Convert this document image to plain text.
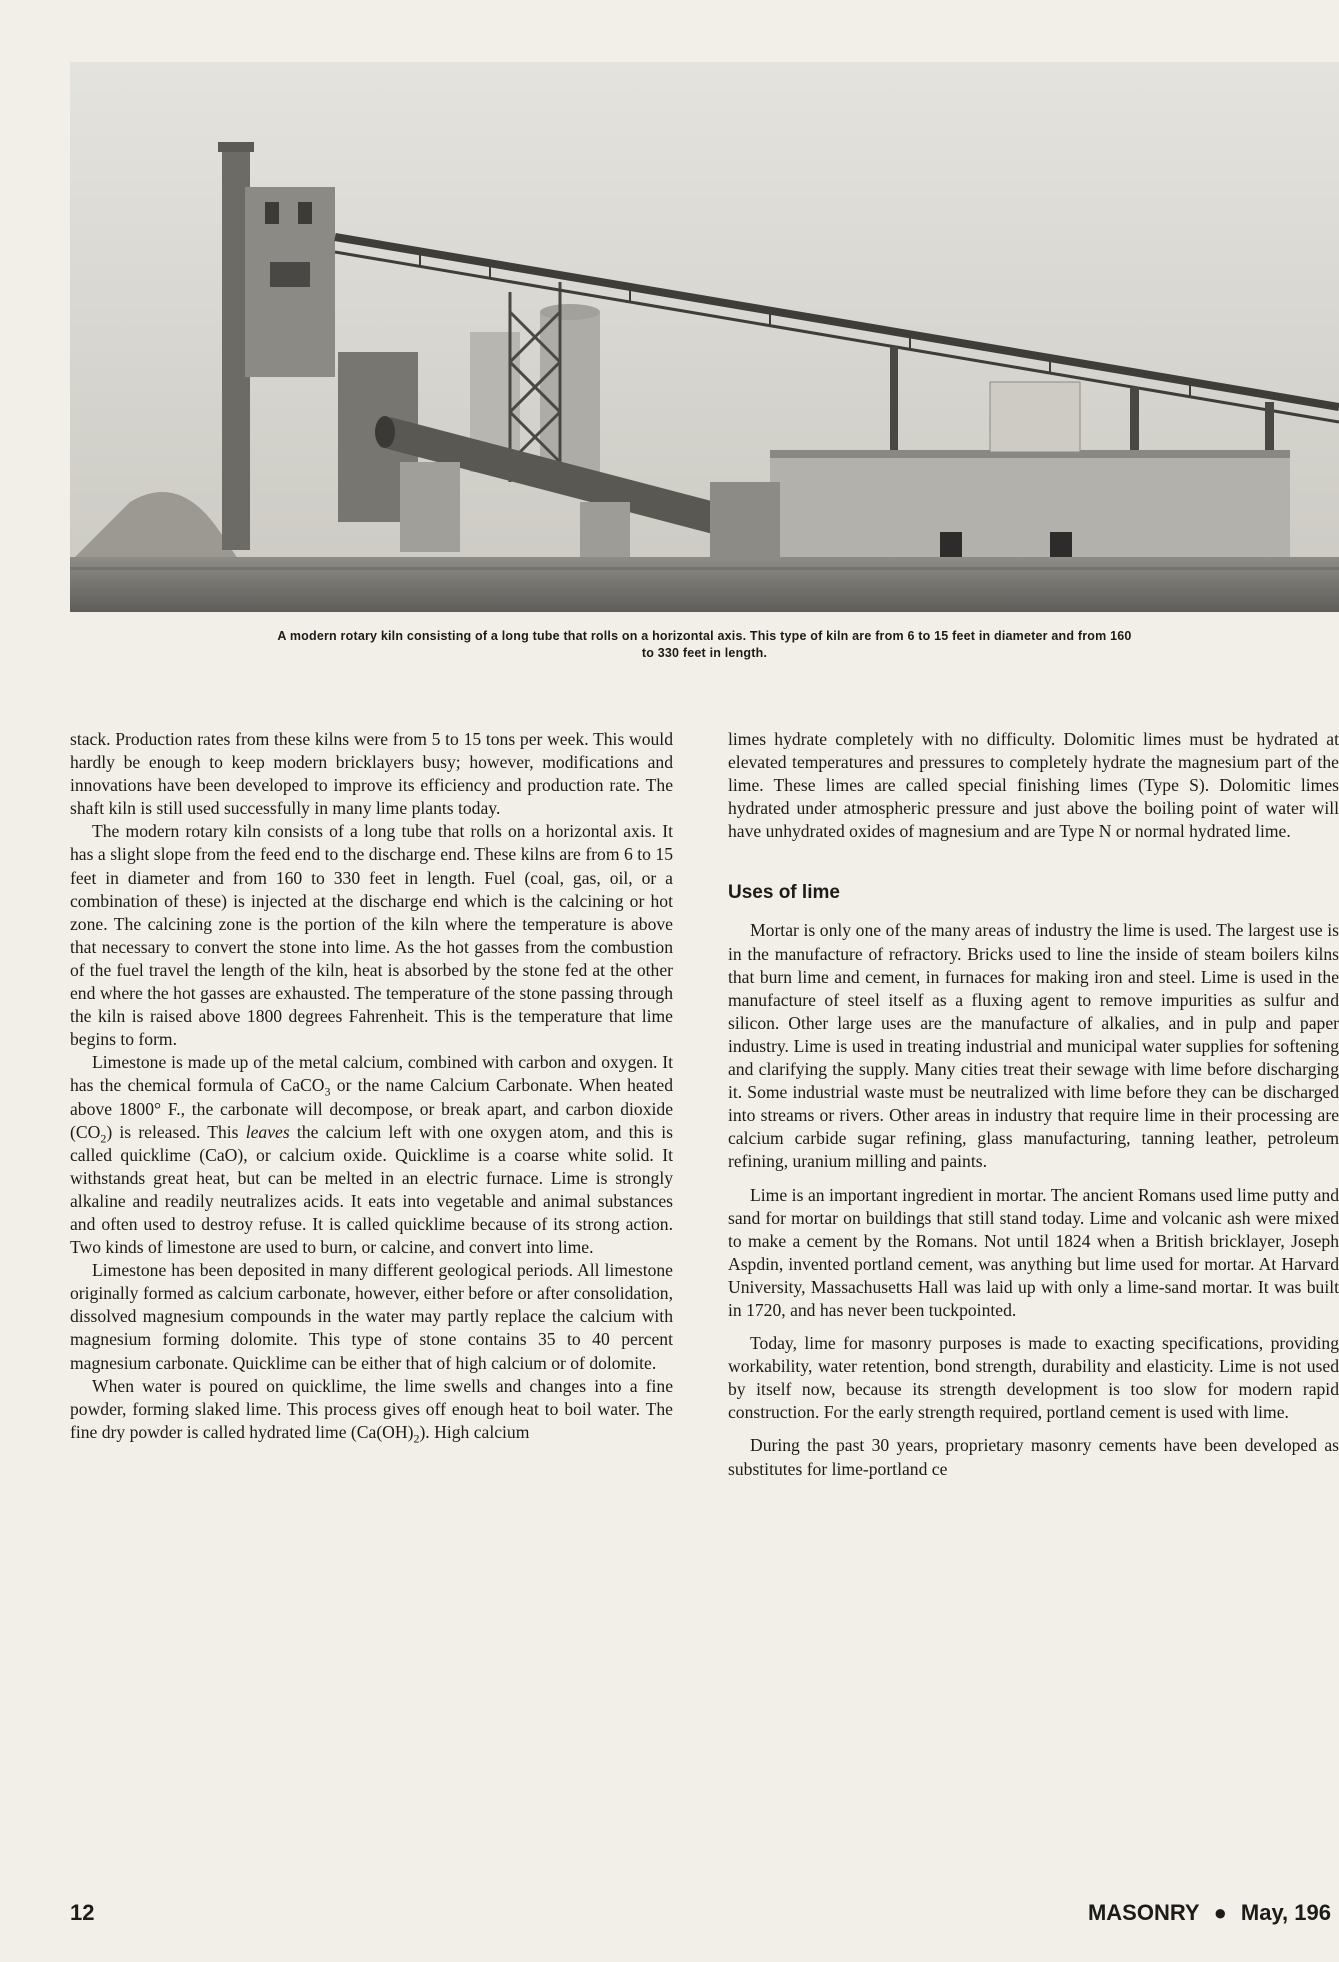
A modern rotary kiln consisting of a long tube that rolls on a horizontal axis. This type of kiln are from 6 to 15 feet in diameter and from 160
to 330 feet in length.

stack. Production rates from these kilns were from 5 to 15 tons per week. This would hardly be enough to keep modern bricklayers busy; however, modifications and innovations have been developed to improve its efficiency and production rate. The shaft kiln is still used successfully in many lime plants today.

The modern rotary kiln consists of a long tube that rolls on a horizontal axis. It has a slight slope from the feed end to the discharge end. These kilns are from 6 to 15 feet in diameter and from 160 to 330 feet in length. Fuel (coal, gas, oil, or a combination of these) is injected at the discharge end which is the calcining or hot zone. The calcining zone is the portion of the kiln where the temperature is above that necessary to convert the stone into lime. As the hot gasses from the combustion of the fuel travel the length of the kiln, heat is absorbed by the stone fed at the other end where the hot gasses are exhausted. The temperature of the stone passing through the kiln is raised above 1800 degrees Fahrenheit. This is the temperature that lime begins to form.

Limestone is made up of the metal calcium, combined with carbon and oxygen. It has the chemical formula of CaCO$_3$ or the name Calcium Carbonate. When heated above 1800° F., the carbonate will decompose, or break apart, and carbon dioxide $(CO_2)$ is released. This leaves the calcium left with one oxygen atom, and this is called quicklime (CaO), or calcium oxide. Quicklime is a coarse white solid. It withstands great heat, but can be melted in an electric furnace. Lime is strongly alkaline and readily neutralizes acids. It eats into vegetable and animal substances and often used to destroy refuse. It is called quicklime because of its strong action. Two kinds of limestone are used to burn, or calcine, and convert into lime.

Limestone has been deposited in many different geological periods. All limestone originally formed as calcium carbonate, however, either before or after consolidation, dissolved magnesium compounds in the water may partly replace the calcium with magnesium forming dolomite. This type of stone contains 35 to 40 percent magnesium carbonate. Quicklime can be either that of high calcium or of dolomite.

When water is poured on quicklime, the lime swells and changes into a fine powder, forming slaked lime. This process gives off enough heat to boil water. The fine dry powder is called hydrated lime $(Ca(OH)_2)$. High calcium

limes hydrate completely with no difficulty. Dolomitic limes must be hydrated at elevated temperatures and pressures to completely hydrate the magnesium part of the lime. These limes are called special finishing limes (Type S). Dolomitic limes hydrated under atmospheric pressure and just above the boiling point of water will have unhydrated oxides of magnesium and are Type N or normal hydrated lime.

Uses of lime

Mortar is only one of the many areas of industry the lime is used. The largest use is in the manufacture of refractory. Bricks used to line the inside of steam boilers kilns that burn lime and cement, in furnaces for making iron and steel. Lime is used in the manufacture of steel itself as a fluxing agent to remove impurities as sulfur and silicon. Other large uses are the manufacture of alkalies, and in pulp and paper industry. Lime is used in treating industrial and municipal water supplies for softening and clarifying the supply. Many cities treat their sewage with lime before discharging it. Some industrial waste must be neutralized with lime before they can be discharged into streams or rivers. Other areas in industry that require lime in their processing are calcium carbide sugar refining, glass manufacturing, tanning leather, petroleum refining, uranium milling and paints.

Lime is an important ingredient in mortar. The ancient Romans used lime putty and sand for mortar on buildings that still stand today. Lime and volcanic ash were mixed to make a cement by the Romans. Not until 1824 when a British bricklayer, Joseph Aspdin, invented portland cement, was anything but lime used for mortar. At Harvard University, Massachusetts Hall was laid up with only a lime-sand mortar. It was built in 1720, and has never been tuckpointed.

Today, lime for masonry purposes is made to exacting specifications, providing workability, water retention, bond strength, durability and elasticity. Lime is not used by itself now, because its strength development is too slow for modern rapid construction. For the early strength required, portland cement is used with lime.

During the past 30 years, proprietary masonry cements have been developed as substitutes for lime-portland ce

12	MASONRY ● May, 196
